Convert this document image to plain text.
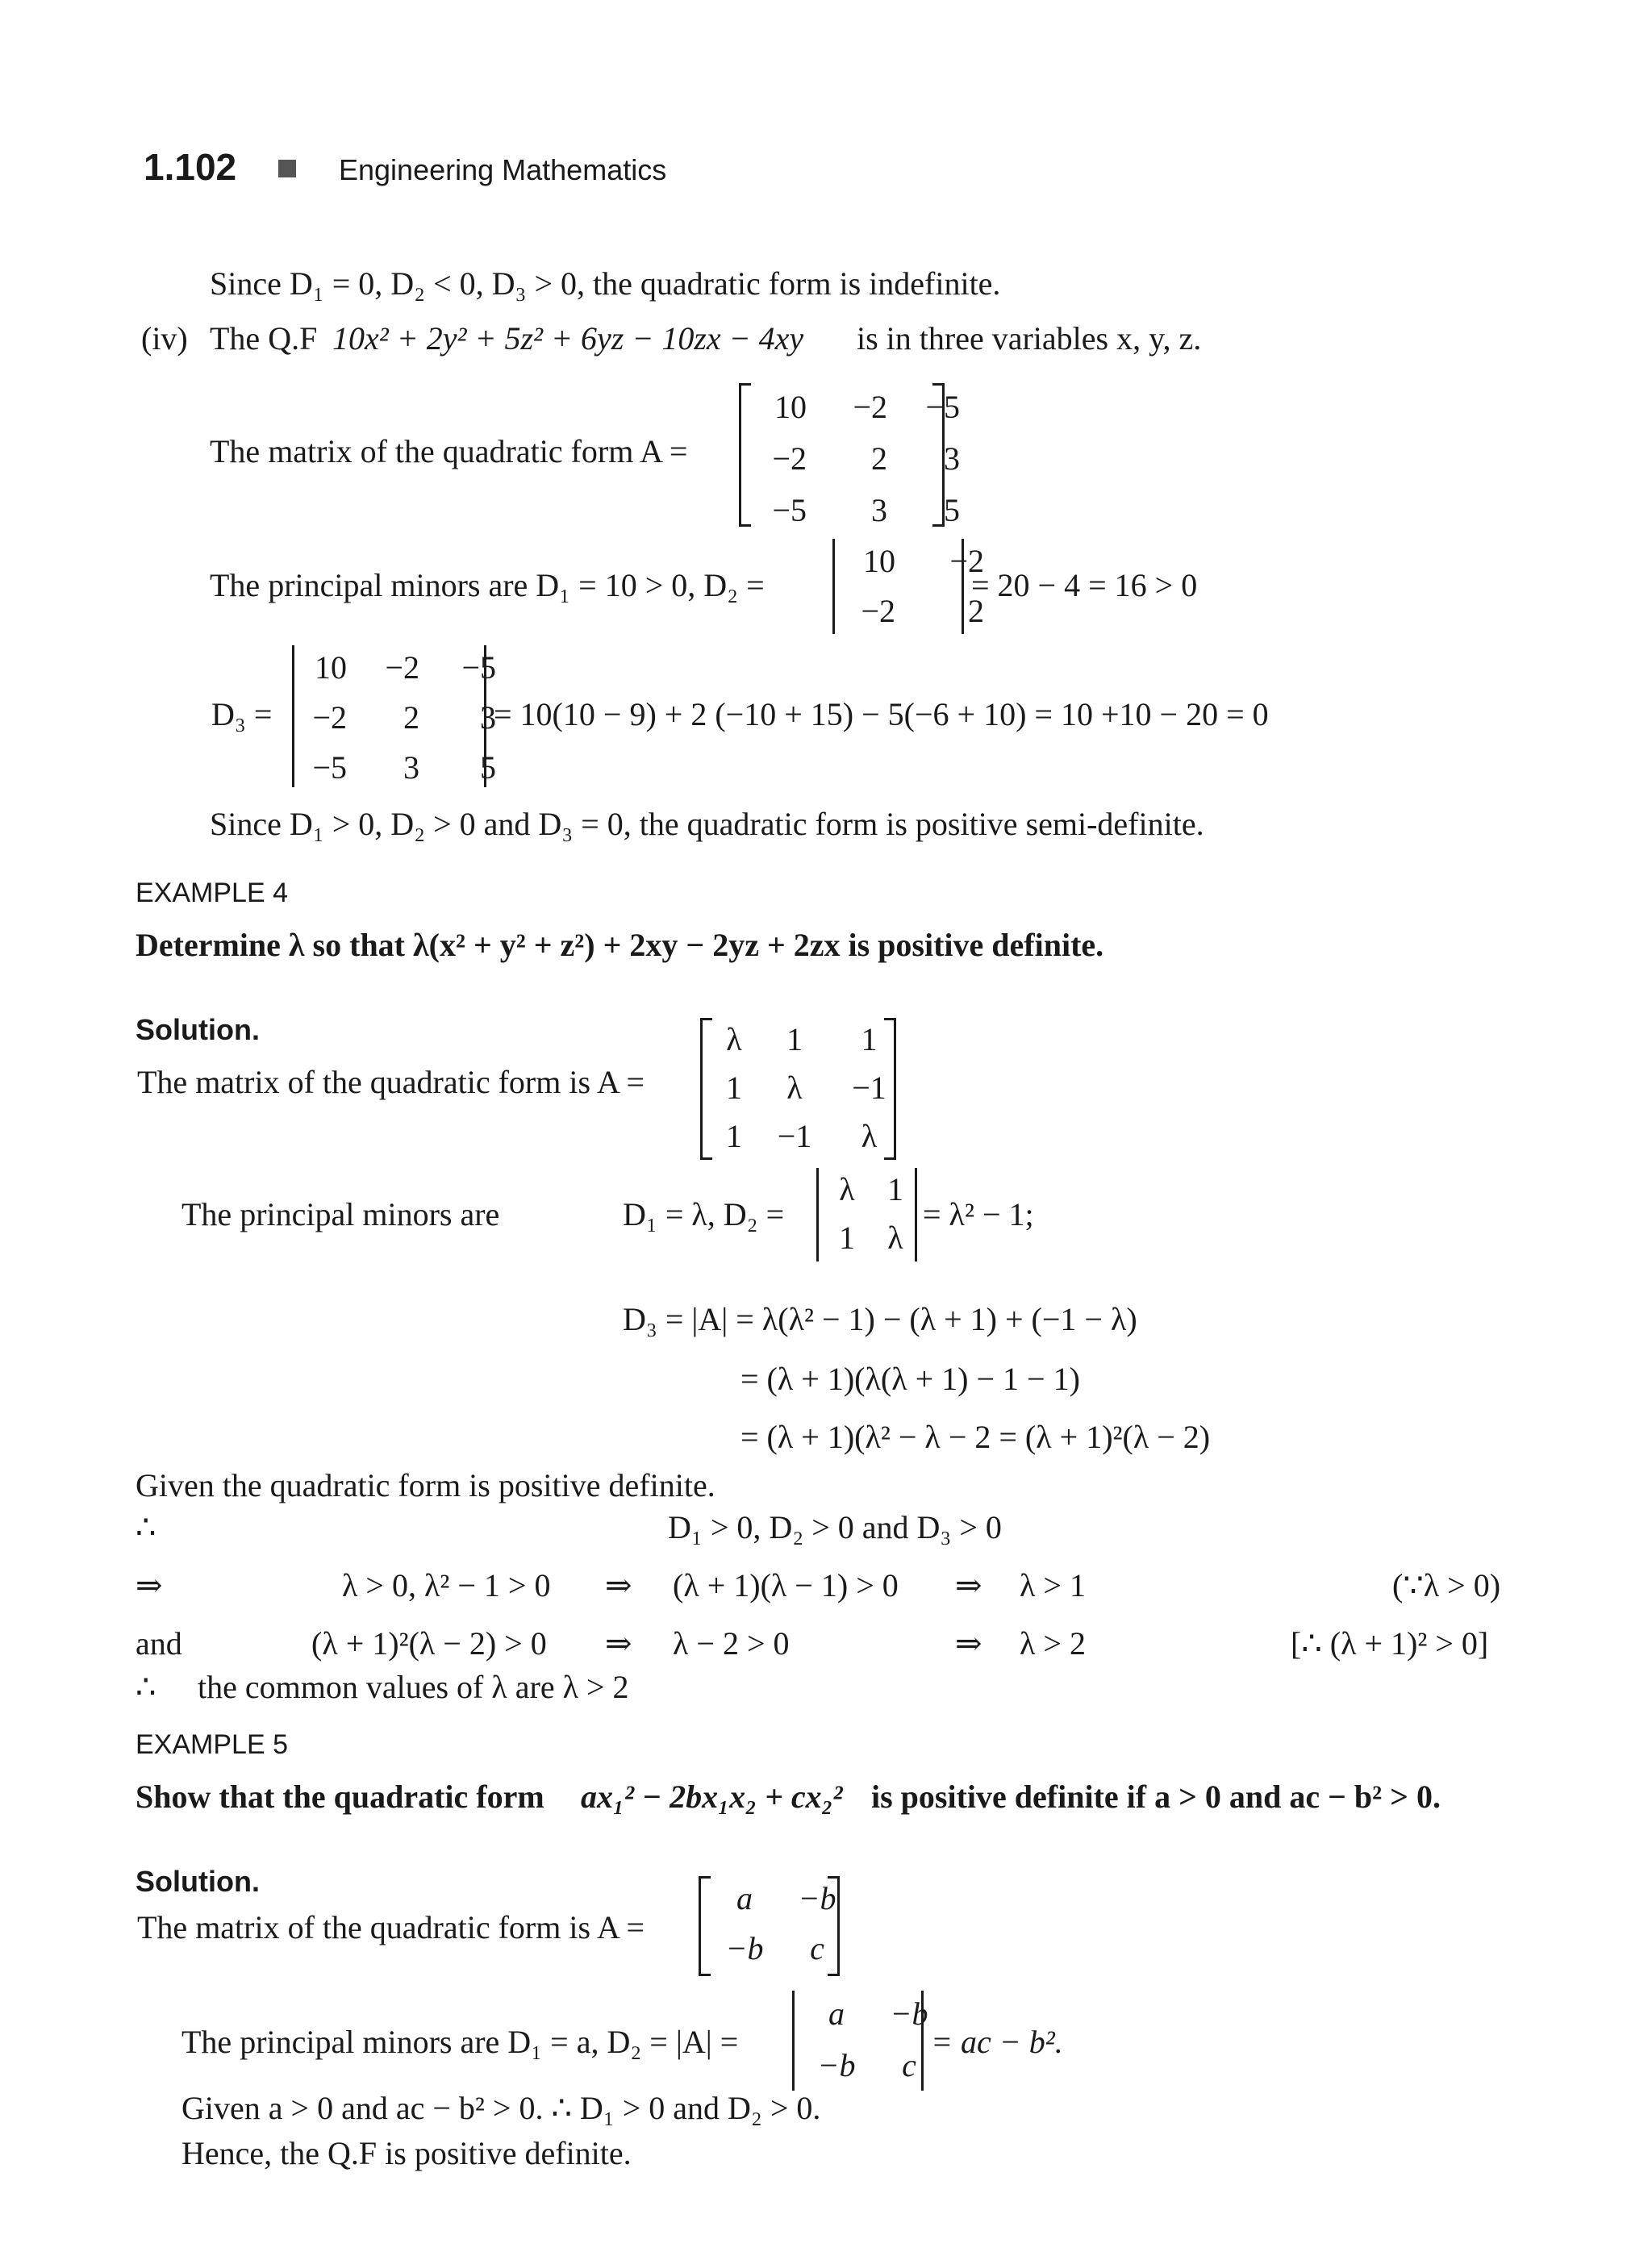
1.102	Engineering Mathematics
Since D₁ = 0, D₂ < 0, D₃ > 0, the quadratic form is indefinite.
(iv) The Q.F 10x² + 2y² + 5z² + 6yz − 10zx − 4xy is in three variables x, y, z.
The matrix of the quadratic form A =
10	−2	−5
−2	2	3
−5	3	5
The principal minors are D₁ = 10 > 0, D₂ =
10	−2
−2	2
= 20 − 4 = 16 > 0
D₃ =
10	−2	−5
−2	2	3
−5	3	5
= 10(10 − 9) + 2 (−10 + 15) − 5(−6 + 10) = 10 +10 − 20 = 0
Since D₁ > 0, D₂ > 0 and D₃ = 0, the quadratic form is positive semi-definite.
EXAMPLE 4
Determine λ so that λ(x² + y² + z²) + 2xy − 2yz + 2zx is positive definite.
Solution.
The matrix of the quadratic form is A =
λ	1	1
1	λ	−1
1	−1	λ
The principal minors are	D₁ = λ, D₂ =
λ	1
1	λ
= λ² − 1;
D₃ = |A| = λ(λ² − 1) − (λ + 1) + (−1 − λ)
= (λ + 1)(λ(λ + 1) − 1 − 1)
= (λ + 1)(λ² − λ − 2 = (λ + 1)²(λ − 2)
Given the quadratic form is positive definite.
∴	D₁ > 0, D₂ > 0 and D₃ > 0
⇒	λ > 0, λ² − 1 > 0 ⇒ (λ + 1)(λ − 1) > 0 ⇒ λ > 1	(∵λ > 0)
and	(λ + 1)²(λ − 2) > 0 ⇒ λ − 2 > 0	⇒ λ > 2	[∴ (λ + 1)² > 0]
∴ the common values of λ are λ > 2
EXAMPLE 5
Show that the quadratic form ax₁² − 2bx₁x₂ + cx₂² is positive definite if a > 0 and ac − b² > 0.
Solution.
The matrix of the quadratic form is A =
a	−b
−b	c
The principal minors are D₁ = a, D₂ = |A| =
a	−b
−b	c
= ac − b².
Given a > 0 and ac − b² > 0. ∴ D₁ > 0 and D₂ > 0.
Hence, the Q.F is positive definite.
